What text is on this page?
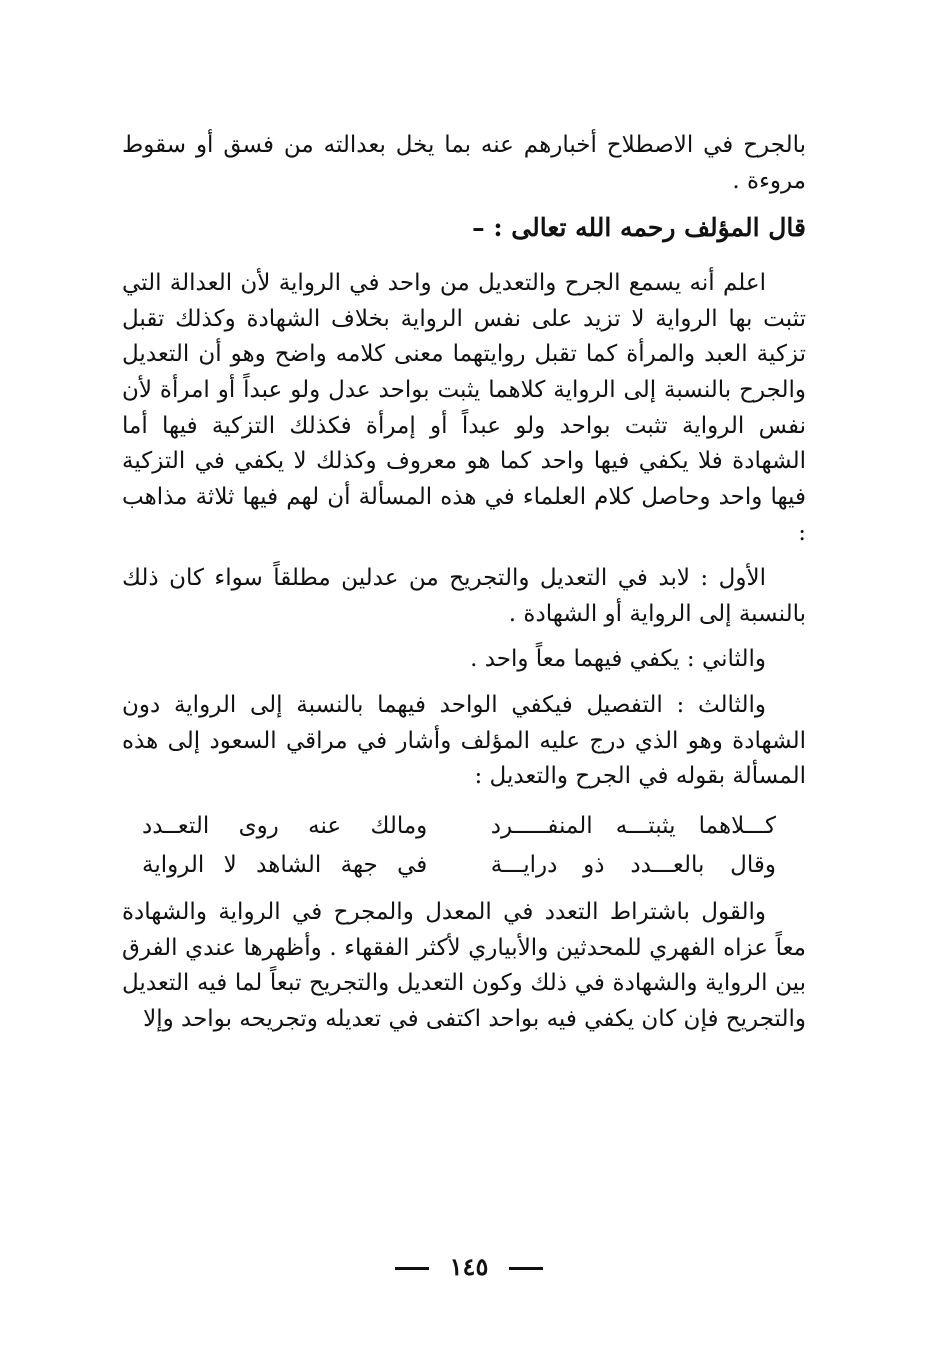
بالجرح في الاصطلاح أخبارهم عنه بما يخل بعدالته من فسق أو سقوط مروءة .
قال المؤلف رحمه الله تعالى : –
اعلم أنه يسمع الجرح والتعديل من واحد في الرواية لأن العدالة التي تثبت بها الرواية لا تزيد على نفس الرواية بخلاف الشهادة وكذلك تقبل تزكية العبد والمرأة كما تقبل روايتهما معنى كلامه واضح وهو أن التعديل والجرح بالنسبة إلى الرواية كلاهما يثبت بواحد عدل ولو عبداً أو امرأة لأن نفس الرواية تثبت بواحد ولو عبداً أو إمرأة فكذلك التزكية فيها أما الشهادة فلا يكفي فيها واحد كما هو معروف وكذلك لا يكفي في التزكية فيها واحد وحاصل كلام العلماء في هذه المسألة أن لهم فيها ثلاثة مذاهب :
الأول : لابد في التعديل والتجريح من عدلين مطلقاً سواء كان ذلك بالنسبة إلى الرواية أو الشهادة .
والثاني : يكفي فيهما معاً واحد .
والثالث : التفصيل فيكفي الواحد فيهما بالنسبة إلى الرواية دون الشهادة وهو الذي درج عليه المؤلف وأشار في مراقي السعود إلى هذه المسألة بقوله في الجرح والتعديل :
كـــلاهما يثبتـــه المنفـــــرد
ومالك عنه روى التعــدد
وقال بالعـــدد ذو درايـــة
في جهة الشاهد لا الرواية
والقول باشتراط التعدد في المعدل والمجرح في الرواية والشهادة معاً عزاه الفهري للمحدثين والأبياري لأكثر الفقهاء . وأظهرها عندي الفرق بين الرواية والشهادة في ذلك وكون التعديل والتجريح تبعاً لما فيه التعديل والتجريح فإن كان يكفي فيه بواحد اكتفى في تعديله وتجريحه بواحد وإلا
١٤٥
